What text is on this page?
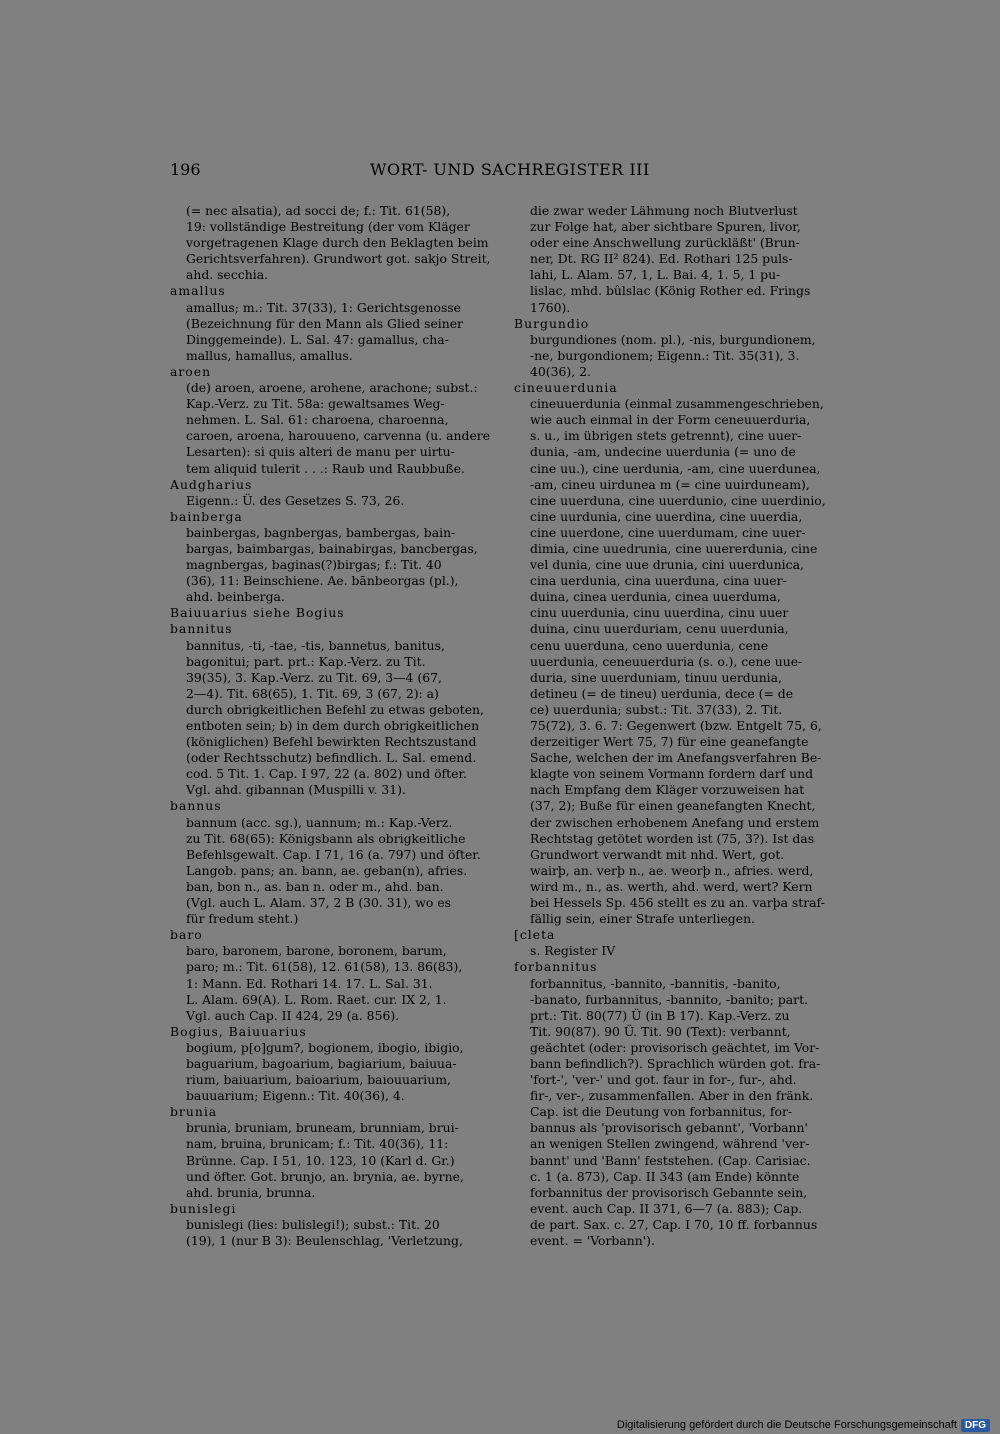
196	WORT- UND SACHREGISTER III
(= nec alsatia), ad socci de; f.: Tit. 61(58),
19: vollständige Bestreitung (der vom Kläger
vorgetragenen Klage durch den Beklagten beim
Gerichtsverfahren). Grundwort got. sakjo Streit,
ahd. secchia.
amallus
amallus; m.: Tit. 37(33), 1: Gerichtsgenosse
(Bezeichnung für den Mann als Glied seiner
Dinggemeinde). L. Sal. 47: gamallus, cha-
mallus, hamallus, amallus.
aroen
(de) aroen, aroene, arohene, arachone; subst.:
Kap.-Verz. zu Tit. 58a: gewaltsames Weg-
nehmen. L. Sal. 61: charoena, charoenna,
caroen, aroena, harouueno, carvenna (u. andere
Lesarten): si quis alteri de manu per uirtu-
tem aliquid tulerit . . .: Raub und Raubbuße.
Audgharius
Eigenn.: Ü. des Gesetzes S. 73, 26.
bainberga
bainbergas, bagnbergas, bambergas, bain-
bargas, baimbargas, bainabirgas, bancbergas,
magnbergas, baginas(?)birgas; f.: Tit. 40
(36), 11: Beinschiene. Ae. bānbeorgas (pl.),
ahd. beinberga.
Baiuuarius siehe Bogius
bannitus
bannitus, -ti, -tae, -tis, bannetus, banitus,
bagonitui; part. prt.: Kap.-Verz. zu Tit.
39(35), 3. Kap.-Verz. zu Tit. 69, 3—4 (67,
2—4). Tit. 68(65), 1. Tit. 69, 3 (67, 2): a)
durch obrigkeitlichen Befehl zu etwas geboten,
entboten sein; b) in dem durch obrigkeitlichen
(königlichen) Befehl bewirkten Rechtszustand
(oder Rechtsschutz) befindlich. L. Sal. emend.
cod. 5 Tit. 1. Cap. I 97, 22 (a. 802) und öfter.
Vgl. ahd. gibannan (Muspilli v. 31).
bannus
bannum (acc. sg.), uannum; m.: Kap.-Verz.
zu Tit. 68(65): Königsbann als obrigkeitliche
Befehlsgewalt. Cap. I 71, 16 (a. 797) und öfter.
Langob. pans; an. bann, ae. geban(n), afries.
ban, bon n., as. ban n. oder m., ahd. ban.
(Vgl. auch L. Alam. 37, 2 B (30. 31), wo es
für fredum steht.)
baro
baro, baronem, barone, boronem, barum,
paro; m.: Tit. 61(58), 12. 61(58), 13. 86(83),
1: Mann. Ed. Rothari 14. 17. L. Sal. 31.
L. Alam. 69(A). L. Rom. Raet. cur. IX 2, 1.
Vgl. auch Cap. II 424, 29 (a. 856).
Bogius, Baiuuarius
bogium, p[o]gum?, bogionem, ibogio, ibigio,
baguarium, bagoarium, bagiarium, baiuua-
rium, baiuarium, baioarium, baiouuarium,
bauuarium; Eigenn.: Tit. 40(36), 4.
brunia
brunia, bruniam, bruneam, brunniam, brui-
nam, bruina, brunicam; f.: Tit. 40(36), 11:
Brünne. Cap. I 51, 10. 123, 10 (Karl d. Gr.)
und öfter. Got. brunjo, an. brynia, ae. byrne,
ahd. brunia, brunna.
bunislegi
bunislegi (lies: bulislegi!); subst.: Tit. 20
(19), 1 (nur B 3): Beulenschlag, 'Verletzung,
die zwar weder Lähmung noch Blutverlust
zur Folge hat, aber sichtbare Spuren, livor,
oder eine Anschwellung zurückläßt' (Brun-
ner, Dt. RG II² 824). Ed. Rothari 125 puls-
lahi, L. Alam. 57, 1, L. Bai. 4, 1. 5, 1 pu-
lislac, mhd. bûlslac (König Rother ed. Frings
1760).
Burgundio
burgundiones (nom. pl.), -nis, burgundionem,
-ne, burgondionem; Eigenn.: Tit. 35(31), 3.
40(36), 2.
cineuuerdunia
cineuuerdunia (einmal zusammengeschrieben,
wie auch einmal in der Form ceneuuerduria,
s. u., im übrigen stets getrennt), cine uuer-
dunia, -am, undecine uuerdunia (= uno de
cine uu.), cine uerdunia, -am, cine uuerdunea,
-am, cineu uirdunea m (= cine uuirduneam),
cine uuerduna, cine uuerdunio, cine uuerdinio,
cine uurdunia, cine uuerdina, cine uuerdia,
cine uuerdone, cine uuerdumam, cine uuer-
dimia, cine uuedrunia, cine uuererdunia, cine
vel dunia, cine uue drunia, cini uuerdunica,
cina uerdunia, cina uuerduna, cina uuer-
duina, cinea uerdunia, cinea uuerduma,
cinu uuerdunia, cinu uuerdina, cinu uuer
duina, cinu uuerduriam, cenu uuerdunia,
cenu uuerduna, ceno uuerdunia, cene
uuerdunia, ceneuuerduria (s. o.), cene uue-
duria, sine uuerduniam, tinuu uerdunia,
detineu (= de tineu) uerdunia, dece (= de
ce) uuerdunia; subst.: Tit. 37(33), 2. Tit.
75(72), 3. 6. 7: Gegenwert (bzw. Entgelt 75, 6,
derzeitiger Wert 75, 7) für eine geanefangte
Sache, welchen der im Anefangsverfahren Be-
klagte von seinem Vormann fordern darf und
nach Empfang dem Kläger vorzuweisen hat
(37, 2); Buße für einen geanefangten Knecht,
der zwischen erhobenem Anefang und erstem
Rechtstag getötet worden ist (75, 3?). Ist das
Grundwort verwandt mit nhd. Wert, got.
wairþ, an. verþ n., ae. weorþ n., afries. werd,
wird m., n., as. werth, ahd. werd, wert? Kern
bei Hessels Sp. 456 stellt es zu an. varþa straf-
fällig sein, einer Strafe unterliegen.
[cleta
s. Register IV
forbannitus
forbannitus, -bannito, -bannitis, -banito,
-banato, furbannitus, -bannito, -banito; part.
prt.: Tit. 80(77) Ü (in B 17). Kap.-Verz. zu
Tit. 90(87). 90 Ü. Tit. 90 (Text): verbannt,
geächtet (oder: provisorisch geächtet, im Vor-
bann befindlich?). Sprachlich würden got. fra-
'fort-', 'ver-' und got. faur in for-, fur-, ahd.
fir-, ver-, zusammenfallen. Aber in den fränk.
Cap. ist die Deutung von forbannitus, for-
bannus als 'provisorisch gebannt', 'Vorbann'
an wenigen Stellen zwingend, während 'ver-
bannt' und 'Bann' feststehen. (Cap. Carisiac.
c. 1 (a. 873), Cap. II 343 (am Ende) könnte
forbannitus der provisorisch Gebannte sein,
event. auch Cap. II 371, 6—7 (a. 883); Cap.
de part. Sax. c. 27, Cap. I 70, 10 ff. forbannus
event. = 'Vorbann').
Digitalisierung gefördert durch die Deutsche Forschungsgemeinschaft DFG
